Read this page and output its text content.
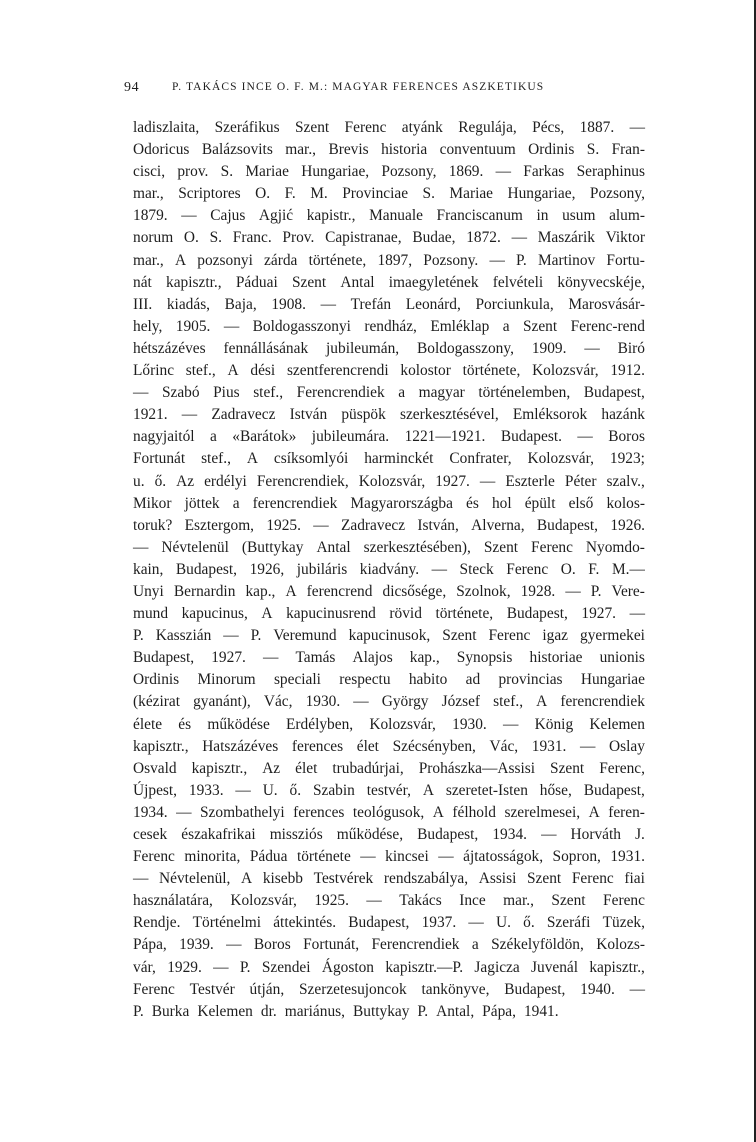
94	P. TAKÁCS INCE O. F. M.: MAGYAR FERENCES ASZKETIKUS
ladiszlaita, Szeráfikus Szent Ferenc atyánk Regulája, Pécs, 1887. —
Odoricus Balázsovits mar., Brevis historia conventuum Ordinis S. Fran-
cisci, prov. S. Mariae Hungariae, Pozsony, 1869. — Farkas Seraphinus
mar., Scriptores O. F. M. Provinciae S. Mariae Hungariae, Pozsony,
1879. — Cajus Agjić kapistr., Manuale Franciscanum in usum alum-
norum O. S. Franc. Prov. Capistranae, Budae, 1872. — Maszárik Viktor
mar., A pozsonyi zárda története, 1897, Pozsony. — P. Martinov Fortu-
nát kapisztr., Páduai Szent Antal imaegyletének felvételi könyvecskéje,
III. kiadás, Baja, 1908. — Trefán Leonárd, Porciunkula, Marosvásár-
hely, 1905. — Boldogasszonyi rendház, Emléklap a Szent Ferenc-rend
hétszázéves fennállásának jubileumán, Boldogasszony, 1909. — Biró
Lőrinc stef., A dési szentferencrendi kolostor története, Kolozsvár, 1912.
— Szabó Pius stef., Ferencrendiek a magyar történelemben, Budapest,
1921. — Zadravecz István püspök szerkesztésével, Emléksorok hazánk
nagyjaitól a «Barátok» jubileumára. 1221—1921. Budapest. — Boros
Fortunát stef., A csíksomlyói harminckét Confrater, Kolozsvár, 1923;
u. ő. Az erdélyi Ferencrendiek, Kolozsvár, 1927. — Eszterle Péter szalv.,
Mikor jöttek a ferencrendiek Magyarországba és hol épült első kolos-
toruk? Esztergom, 1925. — Zadravecz István, Alverna, Budapest, 1926.
— Névtelenül (Buttykay Antal szerkesztésében), Szent Ferenc Nyomdo-
kain, Budapest, 1926, jubiláris kiadvány. — Steck Ferenc O. F. M.—
Unyi Bernardin kap., A ferencrend dicsősége, Szolnok, 1928. — P. Vere-
mund kapucinus, A kapucinusrend rövid története, Budapest, 1927. —
P. Kasszián — P. Veremund kapucinusok, Szent Ferenc igaz gyermekei
Budapest, 1927. — Tamás Alajos kap., Synopsis historiae unionis
Ordinis Minorum speciali respectu habito ad provincias Hungariae
(kézirat gyanánt), Vác, 1930. — György József stef., A ferencrendiek
élete és működése Erdélyben, Kolozsvár, 1930. — König Kelemen
kapisztr., Hatszázéves ferences élet Szécsényben, Vác, 1931. — Oslay
Osvald kapisztr., Az élet trubadúrjai, Prohászka—Assisi Szent Ferenc,
Újpest, 1933. — U. ő. Szabin testvér, A szeretet-Isten hőse, Budapest,
1934. — Szombathelyi ferences teológusok, A félhold szerelmesei, A feren-
cesek északafrikai missziós működése, Budapest, 1934. — Horváth J.
Ferenc minorita, Pádua története — kincsei — ájtatosságok, Sopron, 1931.
— Névtelenül, A kisebb Testvérek rendszabálya, Assisi Szent Ferenc fiai
használatára, Kolozsvár, 1925. — Takács Ince mar., Szent Ferenc
Rendje. Történelmi áttekintés. Budapest, 1937. — U. ő. Szeráfi Tüzek,
Pápa, 1939. — Boros Fortunát, Ferencrendiek a Székelyföldön, Kolozs-
vár, 1929. — P. Szendei Ágoston kapisztr.—P. Jagicza Juvenál kapisztr.,
Ferenc Testvér útján, Szerzetesujoncok tankönyve, Budapest, 1940. —
P. Burka Kelemen dr. mariánus, Buttykay P. Antal, Pápa, 1941.
